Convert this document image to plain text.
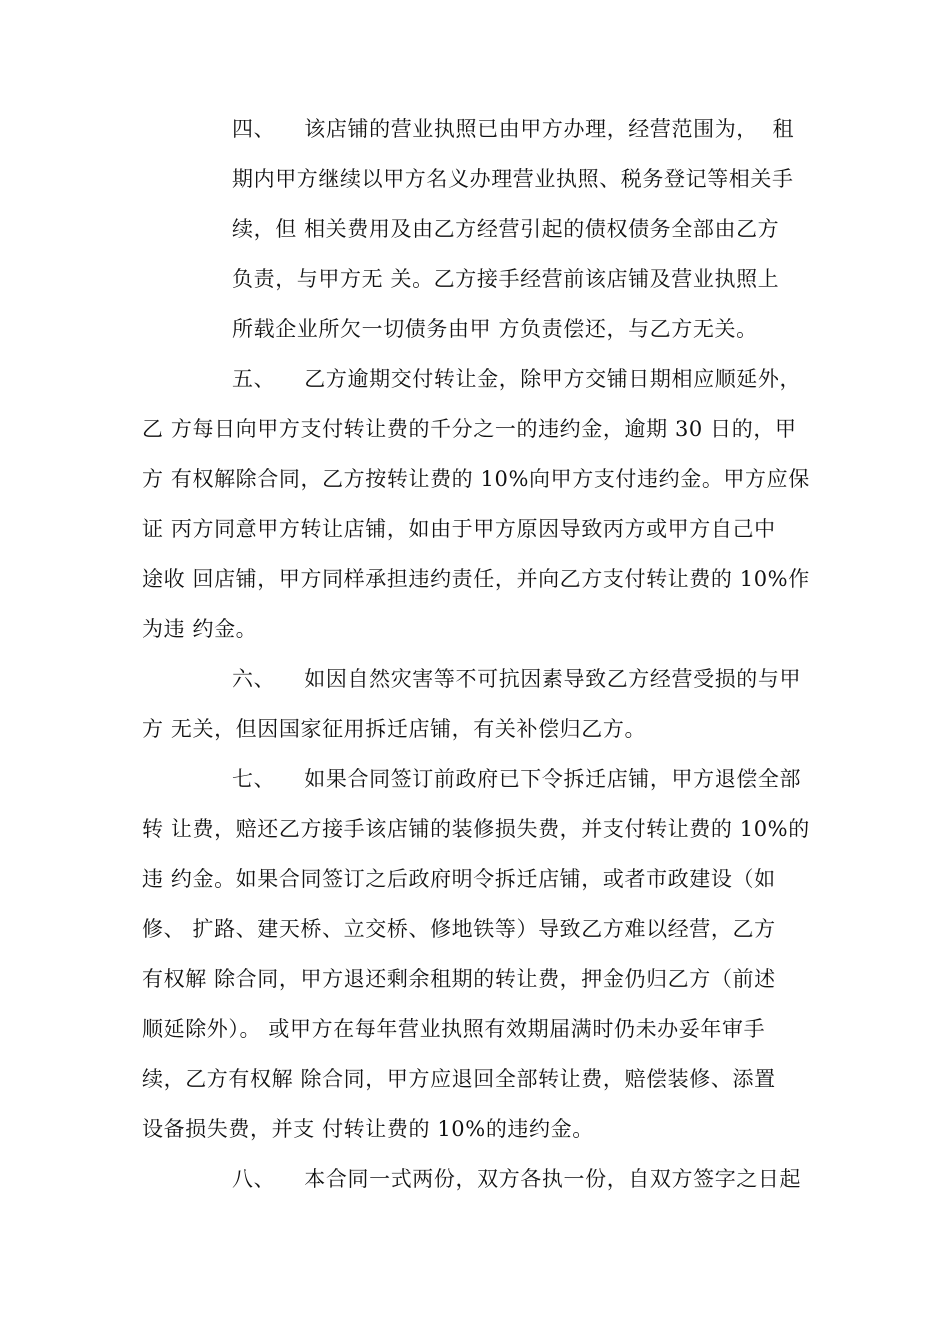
四、    该店铺的营业执照已由甲方办理，经营范围为，  租
期内甲方继续以甲方名义办理营业执照、税务登记等相关手
续，但 相关费用及由乙方经营引起的债权债务全部由乙方
负责，与甲方无 关。乙方接手经营前该店铺及营业执照上
所载企业所欠一切债务由甲 方负责偿还，与乙方无关。
五、    乙方逾期交付转让金，除甲方交铺日期相应顺延外，
乙 方每日向甲方支付转让费的千分之一的违约金，逾期 30 日的，甲
方 有权解除合同，乙方按转让费的 10%向甲方支付违约金。甲方应保
证 丙方同意甲方转让店铺，如由于甲方原因导致丙方或甲方自己中
途收 回店铺，甲方同样承担违约责任，并向乙方支付转让费的 10%作
为违 约金。
六、    如因自然灾害等不可抗因素导致乙方经营受损的与甲
方 无关，但因国家征用拆迁店铺，有关补偿归乙方。
七、    如果合同签订前政府已下令拆迁店铺，甲方退偿全部
转 让费，赔还乙方接手该店铺的装修损失费，并支付转让费的 10%的
违 约金。如果合同签订之后政府明令拆迁店铺，或者市政建设（如
修、 扩路、建天桥、立交桥、修地铁等）导致乙方难以经营，乙方
有权解 除合同，甲方退还剩余租期的转让费，押金仍归乙方（前述
顺延除外）。 或甲方在每年营业执照有效期届满时仍未办妥年审手
续，乙方有权解 除合同，甲方应退回全部转让费，赔偿装修、添置
设备损失费，并支 付转让费的 10%的违约金。
八、    本合同一式两份，双方各执一份，自双方签字之日起
